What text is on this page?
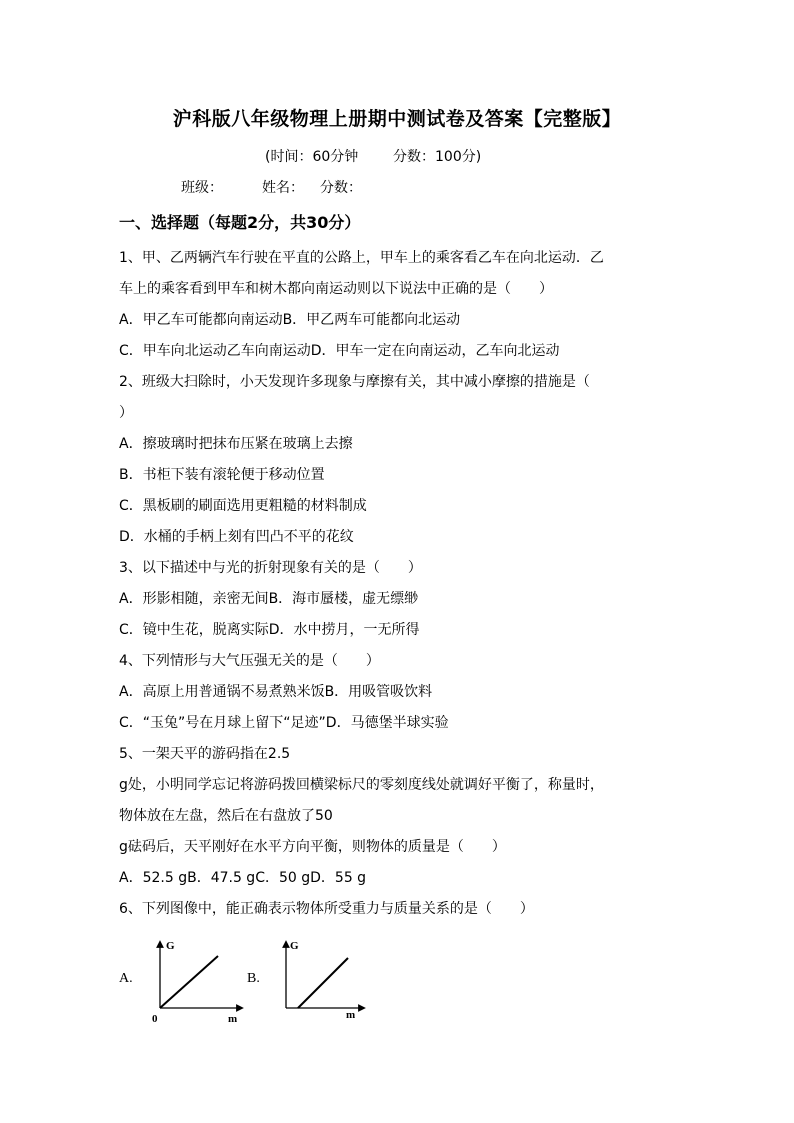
沪科版八年级物理上册期中测试卷及答案【完整版】
(时间：60分钟 分数：100分)
班级：	姓名： 分数：
一、选择题（每题2分，共30分）
1、甲、乙两辆汽车行驶在平直的公路上，甲车上的乘客看乙车在向北运动．乙
车上的乘客看到甲车和树木都向南运动则以下说法中正确的是（　　）
A．甲乙车可能都向南运动B．甲乙两车可能都向北运动
C．甲车向北运动乙车向南运动D．甲车一定在向南运动，乙车向北运动
2、班级大扫除时，小天发现许多现象与摩擦有关，其中减小摩擦的措施是（
）
A．擦玻璃时把抹布压紧在玻璃上去擦
B．书柜下装有滚轮便于移动位置
C．黑板刷的刷面选用更粗糙的材料制成
D．水桶的手柄上刻有凹凸不平的花纹
3、以下描述中与光的折射现象有关的是（　　）
A．形影相随，亲密无间B．海市蜃楼，虚无缥缈
C．镜中生花，脱离实际D．水中捞月，一无所得
4、下列情形与大气压强无关的是（　　）
A．高原上用普通锅不易煮熟米饭B．用吸管吸饮料
C．“玉兔”号在月球上留下“足迹”D．马德堡半球实验
5、一架天平的游码指在2.5
g处，小明同学忘记将游码拨回横梁标尺的零刻度线处就调好平衡了，称量时，
物体放在左盘，然后在右盘放了50
g砝码后，天平刚好在水平方向平衡，则物体的质量是（　　）
A．52.5 gB．47.5 gC．50 gD．55 g
6、下列图像中，能正确表示物体所受重力与质量关系的是（　　）
A.
G
m
0
B.
G
m
